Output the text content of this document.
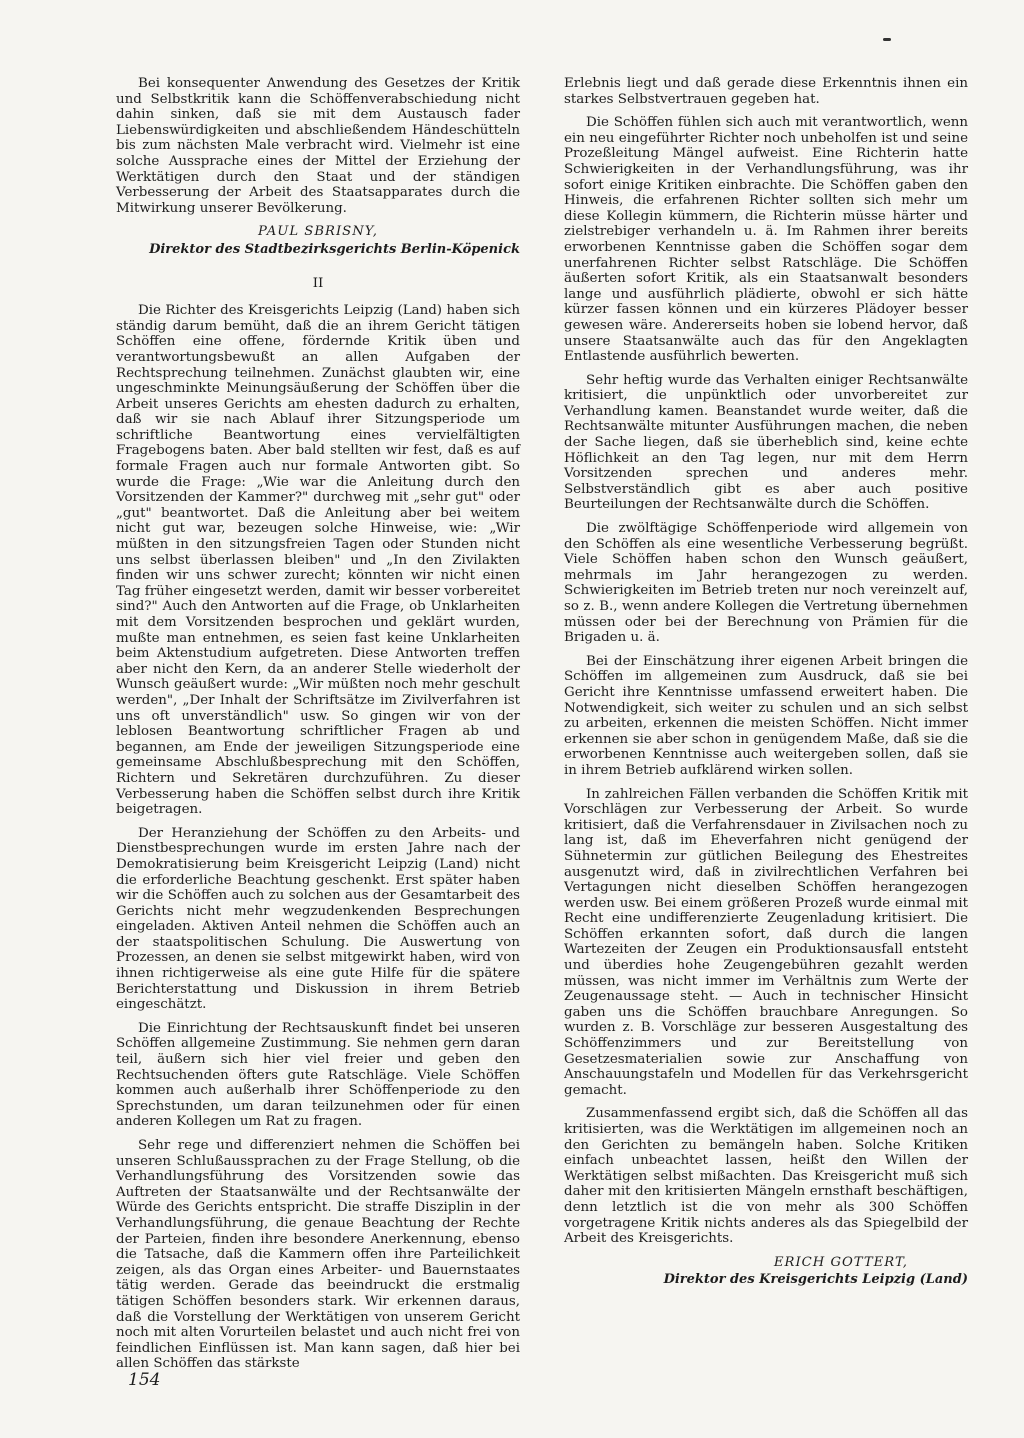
Bei konsequenter Anwendung des Gesetzes der Kritik und Selbstkritik kann die Schöffenverabschiedung nicht dahin sinken, daß sie mit dem Austausch fader Liebenswürdigkeiten und abschließendem Händeschütteln bis zum nächsten Male verbracht wird. Vielmehr ist eine solche Aussprache eines der Mittel der Erziehung der Werktätigen durch den Staat und der ständigen Verbesserung der Arbeit des Staatsapparates durch die Mitwirkung unserer Bevölkerung.

PAUL SBRISNY,
Direktor des Stadtbezirksgerichts Berlin-Köpenick
II

Die Richter des Kreisgerichts Leipzig (Land) haben sich ständig darum bemüht, daß die an ihrem Gericht tätigen Schöffen eine offene, fördernde Kritik üben und verantwortungsbewußt an allen Aufgaben der Rechtsprechung teilnehmen. Zunächst glaubten wir, eine ungeschminkte Meinungsäußerung der Schöffen über die Arbeit unseres Gerichts am ehesten dadurch zu erhalten, daß wir sie nach Ablauf ihrer Sitzungsperiode um schriftliche Beantwortung eines vervielfältigten Fragebogens baten. Aber bald stellten wir fest, daß es auf formale Fragen auch nur formale Antworten gibt. So wurde die Frage: „Wie war die Anleitung durch den Vorsitzenden der Kammer?" durchweg mit „sehr gut" oder „gut" beantwortet. Daß die Anleitung aber bei weitem nicht gut war, bezeugen solche Hinweise, wie: „Wir müßten in den sitzungsfreien Tagen oder Stunden nicht uns selbst überlassen bleiben" und „In den Zivilakten finden wir uns schwer zurecht; könnten wir nicht einen Tag früher eingesetzt werden, damit wir besser vorbereitet sind?" Auch den Antworten auf die Frage, ob Unklarheiten mit dem Vorsitzenden besprochen und geklärt wurden, mußte man entnehmen, es seien fast keine Unklarheiten beim Aktenstudium aufgetreten. Diese Antworten treffen aber nicht den Kern, da an anderer Stelle wiederholt der Wunsch geäußert wurde: „Wir müßten noch mehr geschult werden", „Der Inhalt der Schriftsätze im Zivilverfahren ist uns oft unverständlich" usw. So gingen wir von der leblosen Beantwortung schriftlicher Fragen ab und begannen, am Ende der jeweiligen Sitzungsperiode eine gemeinsame Abschlußbesprechung mit den Schöffen, Richtern und Sekretären durchzuführen. Zu dieser Verbesserung haben die Schöffen selbst durch ihre Kritik beigetragen.

Der Heranziehung der Schöffen zu den Arbeits- und Dienstbesprechungen wurde im ersten Jahre nach der Demokratisierung beim Kreisgericht Leipzig (Land) nicht die erforderliche Beachtung geschenkt. Erst später haben wir die Schöffen auch zu solchen aus der Gesamtarbeit des Gerichts nicht mehr wegzudenkenden Besprechungen eingeladen. Aktiven Anteil nehmen die Schöffen auch an der staatspolitischen Schulung. Die Auswertung von Prozessen, an denen sie selbst mitgewirkt haben, wird von ihnen richtigerweise als eine gute Hilfe für die spätere Berichterstattung und Diskussion in ihrem Betrieb eingeschätzt.

Die Einrichtung der Rechtsauskunft findet bei unseren Schöffen allgemeine Zustimmung. Sie nehmen gern daran teil, äußern sich hier viel freier und geben den Rechtsuchenden öfters gute Ratschläge. Viele Schöffen kommen auch außerhalb ihrer Schöffenperiode zu den Sprechstunden, um daran teilzunehmen oder für einen anderen Kollegen um Rat zu fragen.

Sehr rege und differenziert nehmen die Schöffen bei unseren Schlußaussprachen zu der Frage Stellung, ob die Verhandlungsführung des Vorsitzenden sowie das Auftreten der Staatsanwälte und der Rechtsanwälte der Würde des Gerichts entspricht. Die straffe Disziplin in der Verhandlungsführung, die genaue Beachtung der Rechte der Parteien, finden ihre besondere Anerkennung, ebenso die Tatsache, daß die Kammern offen ihre Parteilichkeit zeigen, als das Organ eines Arbeiter- und Bauernstaates tätig werden. Gerade das beeindruckt die erstmalig tätigen Schöffen besonders stark. Wir erkennen daraus, daß die Vorstellung der Werktätigen von unserem Gericht noch mit alten Vorurteilen belastet und auch nicht frei von feindlichen Einflüssen ist. Man kann sagen, daß hier bei allen Schöffen das stärkste

Erlebnis liegt und daß gerade diese Erkenntnis ihnen ein starkes Selbstvertrauen gegeben hat.

Die Schöffen fühlen sich auch mit verantwortlich, wenn ein neu eingeführter Richter noch unbeholfen ist und seine Prozeßleitung Mängel aufweist. Eine Richterin hatte Schwierigkeiten in der Verhandlungsführung, was ihr sofort einige Kritiken einbrachte. Die Schöffen gaben den Hinweis, die erfahrenen Richter sollten sich mehr um diese Kollegin kümmern, die Richterin müsse härter und zielstrebiger verhandeln u. ä. Im Rahmen ihrer bereits erworbenen Kenntnisse gaben die Schöffen sogar dem unerfahrenen Richter selbst Ratschläge. Die Schöffen äußerten sofort Kritik, als ein Staatsanwalt besonders lange und ausführlich plädierte, obwohl er sich hätte kürzer fassen können und ein kürzeres Plädoyer besser gewesen wäre. Andererseits hoben sie lobend hervor, daß unsere Staatsanwälte auch das für den Angeklagten Entlastende ausführlich bewerten.

Sehr heftig wurde das Verhalten einiger Rechtsanwälte kritisiert, die unpünktlich oder unvorbereitet zur Verhandlung kamen. Beanstandet wurde weiter, daß die Rechtsanwälte mitunter Ausführungen machen, die neben der Sache liegen, daß sie überheblich sind, keine echte Höflichkeit an den Tag legen, nur mit dem Herrn Vorsitzenden sprechen und anderes mehr. Selbstverständlich gibt es aber auch positive Beurteilungen der Rechtsanwälte durch die Schöffen.

Die zwölftägige Schöffenperiode wird allgemein von den Schöffen als eine wesentliche Verbesserung begrüßt. Viele Schöffen haben schon den Wunsch geäußert, mehrmals im Jahr herangezogen zu werden. Schwierigkeiten im Betrieb treten nur noch vereinzelt auf, so z. B., wenn andere Kollegen die Vertretung übernehmen müssen oder bei der Berechnung von Prämien für die Brigaden u. ä.

Bei der Einschätzung ihrer eigenen Arbeit bringen die Schöffen im allgemeinen zum Ausdruck, daß sie bei Gericht ihre Kenntnisse umfassend erweitert haben. Die Notwendigkeit, sich weiter zu schulen und an sich selbst zu arbeiten, erkennen die meisten Schöffen. Nicht immer erkennen sie aber schon in genügendem Maße, daß sie die erworbenen Kenntnisse auch weitergeben sollen, daß sie in ihrem Betrieb aufklärend wirken sollen.

In zahlreichen Fällen verbanden die Schöffen Kritik mit Vorschlägen zur Verbesserung der Arbeit. So wurde kritisiert, daß die Verfahrensdauer in Zivilsachen noch zu lang ist, daß im Eheverfahren nicht genügend der Sühnetermin zur gütlichen Beilegung des Ehestreites ausgenutzt wird, daß in zivilrechtlichen Verfahren bei Vertagungen nicht dieselben Schöffen herangezogen werden usw. Bei einem größeren Prozeß wurde einmal mit Recht eine undifferenzierte Zeugenladung kritisiert. Die Schöffen erkannten sofort, daß durch die langen Wartezeiten der Zeugen ein Produktionsausfall entsteht und überdies hohe Zeugengebühren gezahlt werden müssen, was nicht immer im Verhältnis zum Werte der Zeugenaussage steht. — Auch in technischer Hinsicht gaben uns die Schöffen brauchbare Anregungen. So wurden z. B. Vorschläge zur besseren Ausgestaltung des Schöffenzimmers und zur Bereitstellung von Gesetzesmaterialien sowie zur Anschaffung von Anschauungstafeln und Modellen für das Verkehrsgericht gemacht.

Zusammenfassend ergibt sich, daß die Schöffen all das kritisierten, was die Werktätigen im allgemeinen noch an den Gerichten zu bemängeln haben. Solche Kritiken einfach unbeachtet lassen, heißt den Willen der Werktätigen selbst mißachten. Das Kreisgericht muß sich daher mit den kritisierten Mängeln ernsthaft beschäftigen, denn letztlich ist die von mehr als 300 Schöffen vorgetragene Kritik nichts anderes als das Spiegelbild der Arbeit des Kreisgerichts.

ERICH GOTTERT,
Direktor des Kreisgerichts Leipzig (Land)
154
